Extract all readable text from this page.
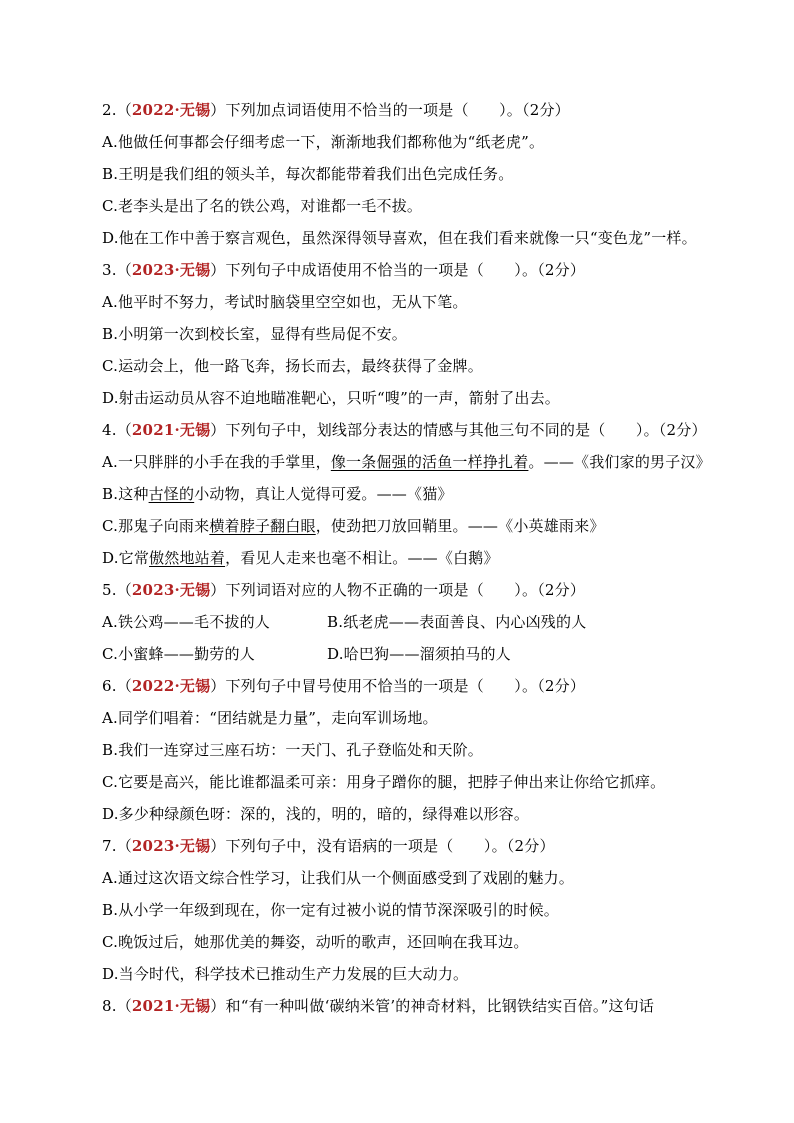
2.（2022·无锡）下列加点词语使用不恰当的一项是（　　）。（2分）
A.他做任何事都会仔细考虑一下，渐渐地我们都称他为“纸老虎”。
B.王明是我们组的领头羊，每次都能带着我们出色完成任务。
C.老李头是出了名的铁公鸡，对谁都一毛不拔。
D.他在工作中善于察言观色，虽然深得领导喜欢，但在我们看来就像一只“变色龙”一样。
3.（2023·无锡）下列句子中成语使用不恰当的一项是（　　）。（2分）
A.他平时不努力，考试时脑袋里空空如也，无从下笔。
B.小明第一次到校长室，显得有些局促不安。
C.运动会上，他一路飞奔，扬长而去，最终获得了金牌。
D.射击运动员从容不迫地瞄准靶心，只听“嗖”的一声，箭射了出去。
4.（2021·无锡）下列句子中，划线部分表达的情感与其他三句不同的是（　　）。（2分）
A.一只胖胖的小手在我的手掌里，像一条倔强的活鱼一样挣扎着。——《我们家的男子汉》
B.这种古怪的小动物，真让人觉得可爱。——《猫》
C.那鬼子向雨来横着脖子翻白眼，使劲把刀放回鞘里。——《小英雄雨来》
D.它常傲然地站着，看见人走来也毫不相让。——《白鹅》
5.（2023·无锡）下列词语对应的人物不正确的一项是（　　）。（2分）
A.铁公鸡——毛不拔的人	B.纸老虎——表面善良、内心凶残的人
C.小蜜蜂——勤劳的人	D.哈巴狗——溜须拍马的人
6.（2022·无锡）下列句子中冒号使用不恰当的一项是（　　）。（2分）
A.同学们唱着：“团结就是力量”，走向军训场地。
B.我们一连穿过三座石坊：一天门、孔子登临处和天阶。
C.它要是高兴，能比谁都温柔可亲：用身子蹭你的腿，把脖子伸出来让你给它抓痒。
D.多少种绿颜色呀：深的，浅的，明的，暗的，绿得难以形容。
7.（2023·无锡）下列句子中，没有语病的一项是（　　）。（2分）
A.通过这次语文综合性学习，让我们从一个侧面感受到了戏剧的魅力。
B.从小学一年级到现在，你一定有过被小说的情节深深吸引的时候。
C.晚饭过后，她那优美的舞姿，动听的歌声，还回响在我耳边。
D.当今时代，科学技术已推动生产力发展的巨大动力。
8.（2021·无锡）和“有一种叫做‘碳纳米管’的神奇材料，比钢铁结实百倍。”这句话
